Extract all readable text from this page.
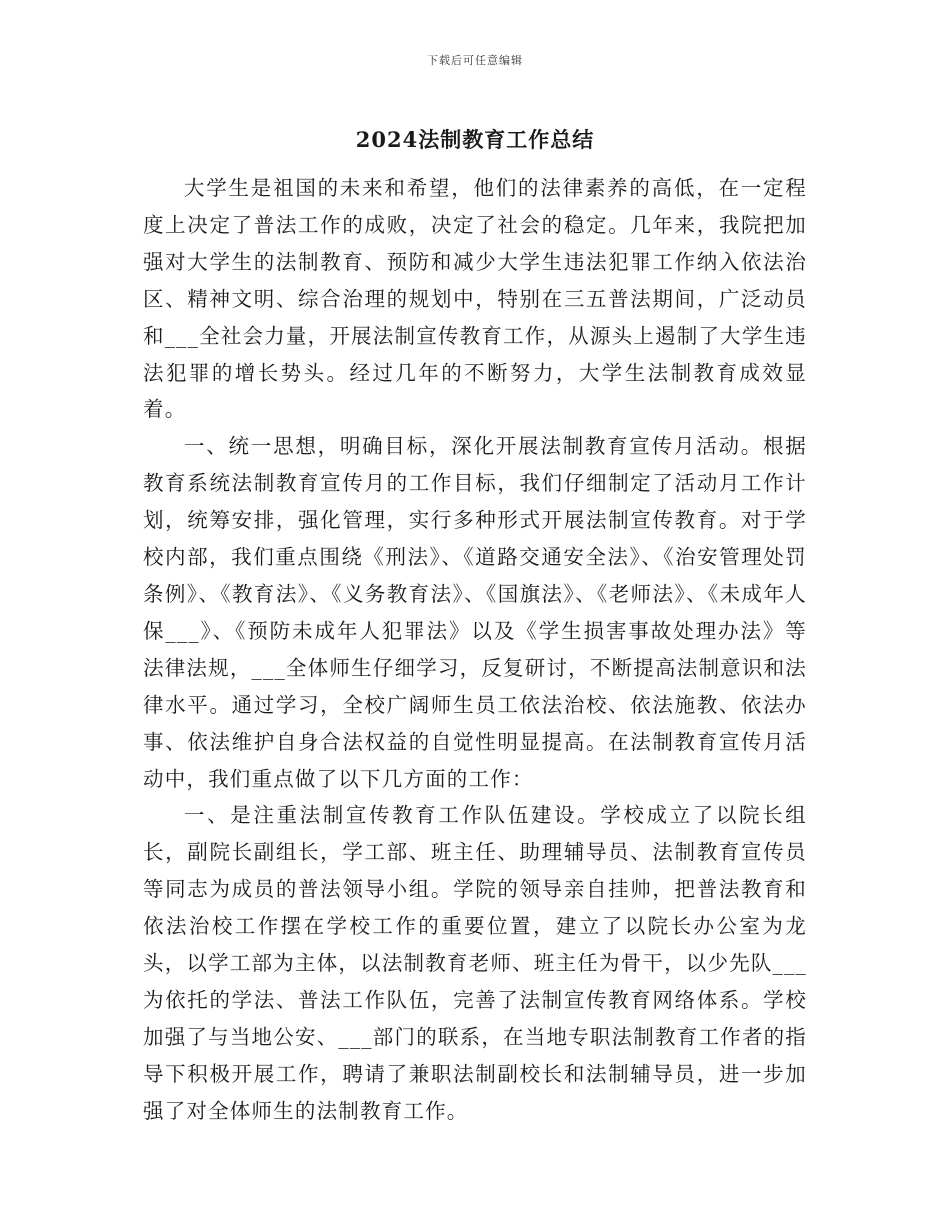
下载后可任意编辑
2024法制教育工作总结

大学生是祖国的未来和希望，他们的法律素养的高低，在一定程度上决定了普法工作的成败，决定了社会的稳定。几年来，我院把加强对大学生的法制教育、预防和减少大学生违法犯罪工作纳入依法治区、精神文明、综合治理的规划中，特别在三五普法期间，广泛动员和___全社会力量，开展法制宣传教育工作，从源头上遏制了大学生违法犯罪的增长势头。经过几年的不断努力，大学生法制教育成效显着。

一、统一思想，明确目标，深化开展法制教育宣传月活动。根据教育系统法制教育宣传月的工作目标，我们仔细制定了活动月工作计划，统筹安排，强化管理，实行多种形式开展法制宣传教育。对于学校内部，我们重点围绕《刑法》、《道路交通安全法》、《治安管理处罚条例》、《教育法》、《义务教育法》、《国旗法》、《老师法》、《未成年人保___》、《预防未成年人犯罪法》以及《学生损害事故处理办法》等法律法规，___全体师生仔细学习，反复研讨，不断提高法制意识和法律水平。通过学习，全校广阔师生员工依法治校、依法施教、依法办事、依法维护自身合法权益的自觉性明显提高。在法制教育宣传月活动中，我们重点做了以下几方面的工作：

一、是注重法制宣传教育工作队伍建设。学校成立了以院长组长，副院长副组长，学工部、班主任、助理辅导员、法制教育宣传员等同志为成员的普法领导小组。学院的领导亲自挂帅，把普法教育和依法治校工作摆在学校工作的重要位置，建立了以院长办公室为龙头，以学工部为主体，以法制教育老师、班主任为骨干，以少先队___为依托的学法、普法工作队伍，完善了法制宣传教育网络体系。学校加强了与当地公安、___部门的联系，在当地专职法制教育工作者的指导下积极开展工作，聘请了兼职法制副校长和法制辅导员，进一步加强了对全体师生的法制教育工作。
